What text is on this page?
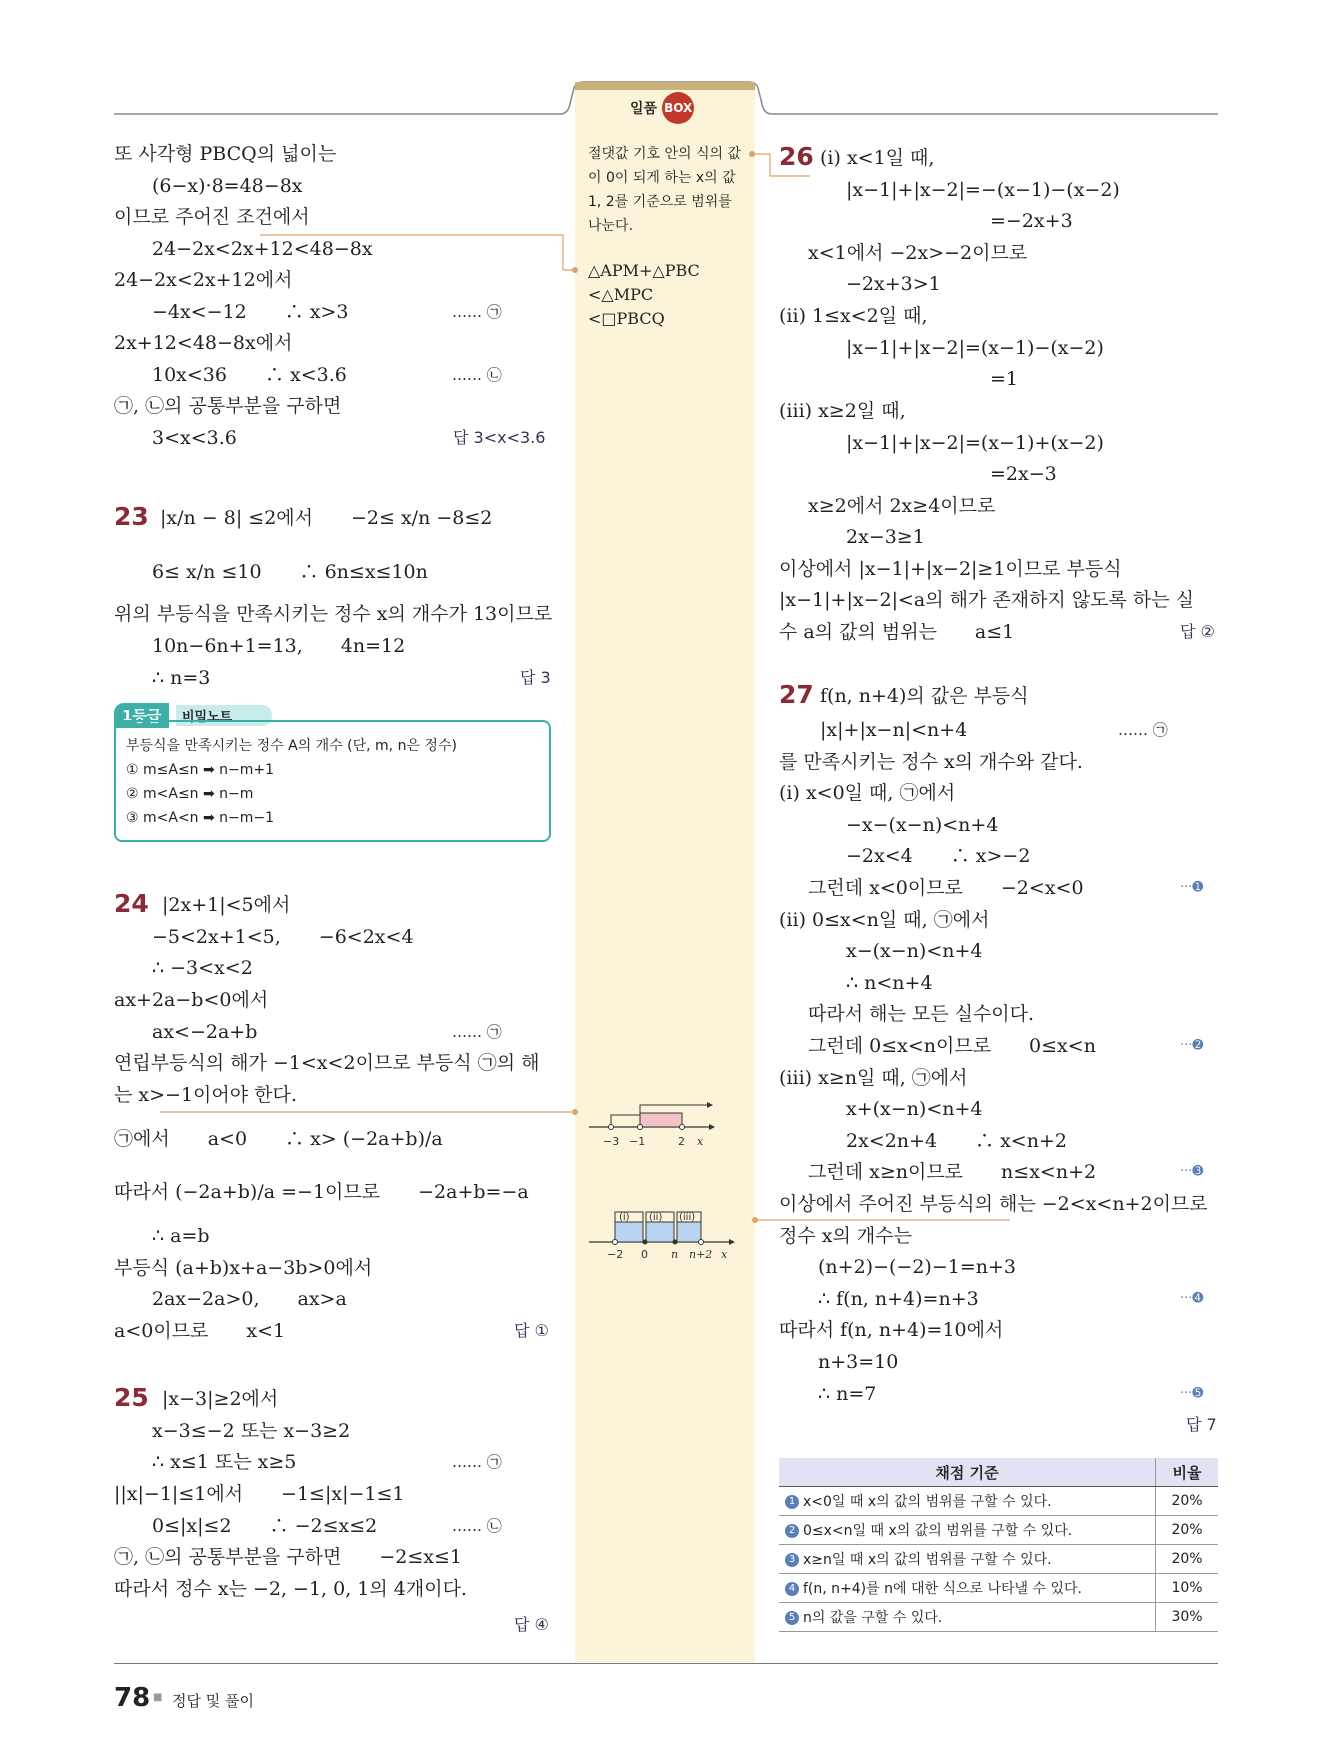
일품 BOX
또 사각형 PBCQ의 넓이는
(6−x)·8=48−8x
이므로 주어진 조건에서
24−2x<2x+12<48−8x
24−2x<2x+12에서
−4x<−12　　∴ x>3	…… ㉠
2x+12<48−8x에서
10x<36　　∴ x<3.6	…… ㉡
㉠, ㉡의 공통부분을 구하면
3<x<3.6	답 3<x<3.6
23 |x/n − 8| ≤2에서　　−2≤ x/n −8≤2
6≤ x/n ≤10　　∴ 6n≤x≤10n
위의 부등식을 만족시키는 정수 x의 개수가 13이므로
10n−6n+1=13,　　4n=12
∴ n=3	답 3
1등급	비밀노트
부등식을 만족시키는 정수 A의 개수 (단, m, n은 정수)
① m≤A≤n ➡ n−m+1
② m<A≤n ➡ n−m
③ m<A<n ➡ n−m−1
24 |2x+1|<5에서
−5<2x+1<5,　　−6<2x<4
∴ −3<x<2
ax+2a−b<0에서
ax<−2a+b	…… ㉠
연립부등식의 해가 −1<x<2이므로 부등식 ㉠의 해
는 x>−1이어야 한다.
㉠에서　　a<0　　∴ x> (−2a+b)/a
따라서 (−2a+b)/a =−1이므로　　−2a+b=−a
∴ a=b
부등식 (a+b)x+a−3b>0에서
2ax−2a>0,　　ax>a
a<0이므로　　x<1	답 ①
25 |x−3|≥2에서
x−3≤−2 또는 x−3≥2
∴ x≤1 또는 x≥5	…… ㉠
||x|−1|≤1에서　　−1≤|x|−1≤1
0≤|x|≤2　　∴ −2≤x≤2	…… ㉡
㉠, ㉡의 공통부분을 구하면　　−2≤x≤1
따라서 정수 x는 −2, −1, 0, 1의 4개이다.
답 ④
절댓값 기호 안의 식의 값
이 0이 되게 하는 x의 값
1, 2를 기준으로 범위를
나눈다.
△APM+△PBC
<△MPC
<□PBCQ
−3 −1	2 x
(i) (ii) (iii)
−2 0 n n+2 x
26 (i) x<1일 때,
|x−1|+|x−2|=−(x−1)−(x−2)
=−2x+3
x<1에서 −2x>−2이므로
−2x+3>1
(ii) 1≤x<2일 때,
|x−1|+|x−2|=(x−1)−(x−2)
=1
(iii) x≥2일 때,
|x−1|+|x−2|=(x−1)+(x−2)
=2x−3
x≥2에서 2x≥4이므로
2x−3≥1
이상에서 |x−1|+|x−2|≥1이므로 부등식
|x−1|+|x−2|<a의 해가 존재하지 않도록 하는 실
수 a의 값의 범위는　　a≤1	답 ②
27 f(n, n+4)의 값은 부등식
|x|+|x−n|<n+4	…… ㉠
를 만족시키는 정수 x의 개수와 같다.
(i) x<0일 때, ㉠에서
−x−(x−n)<n+4
−2x<4　　∴ x>−2
그런데 x<0이므로　　−2<x<0	···➊
(ii) 0≤x<n일 때, ㉠에서
x−(x−n)<n+4
∴ n<n+4
따라서 해는 모든 실수이다.
그런데 0≤x<n이므로　　0≤x<n	···➋
(iii) x≥n일 때, ㉠에서
x+(x−n)<n+4
2x<2n+4　　∴ x<n+2
그런데 x≥n이므로　　n≤x<n+2	···➌
이상에서 주어진 부등식의 해는 −2<x<n+2이므로
정수 x의 개수는
(n+2)−(−2)−1=n+3
∴ f(n, n+4)=n+3	···➍
따라서 f(n, n+4)=10에서
n+3=10
∴ n=7	···➎
답 7
채점 기준	비율
1 x<0일 때 x의 값의 범위를 구할 수 있다.	20%
2 0≤x<n일 때 x의 값의 범위를 구할 수 있다.	20%
3 x≥n일 때 x의 값의 범위를 구할 수 있다.	20%
4 f(n, n+4)를 n에 대한 식으로 나타낼 수 있다.	10%
5 n의 값을 구할 수 있다.	30%
78 ■ 정답 및 풀이
